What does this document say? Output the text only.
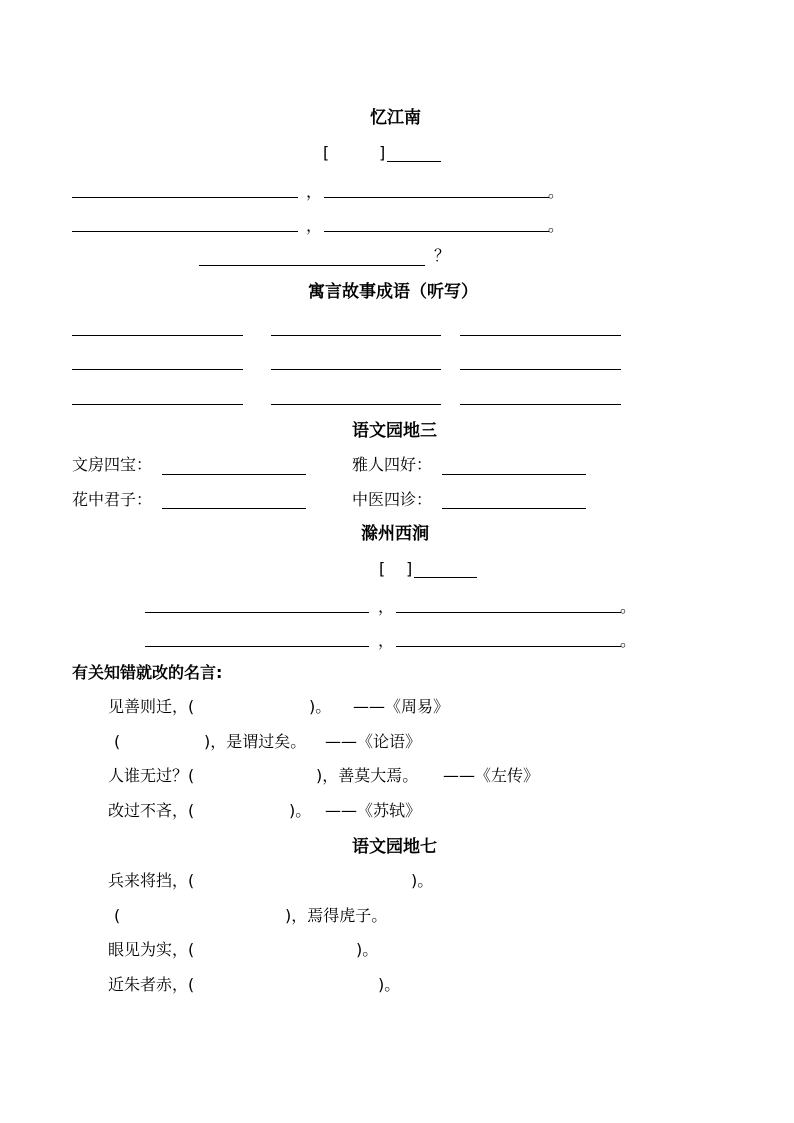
忆江南
[	]
，	。
，	。
？
寓言故事成语（听写）
语文园地三
文房四宝：	雅人四好：
花中君子：	中医四诊：
滁州西涧
[ ]
，	。
，	。
有关知错就改的名言:
见善则迁，(	)。 ——《周易》
(	)，是谓过矣。 ——《论语》
人谁无过？(	)，善莫大焉。 ——《左传》
改过不吝，(	)。 ——《苏轼》
语文园地七
兵来将挡，(	)。
(	)，焉得虎子。
眼见为实，(	)。
近朱者赤，(	)。
